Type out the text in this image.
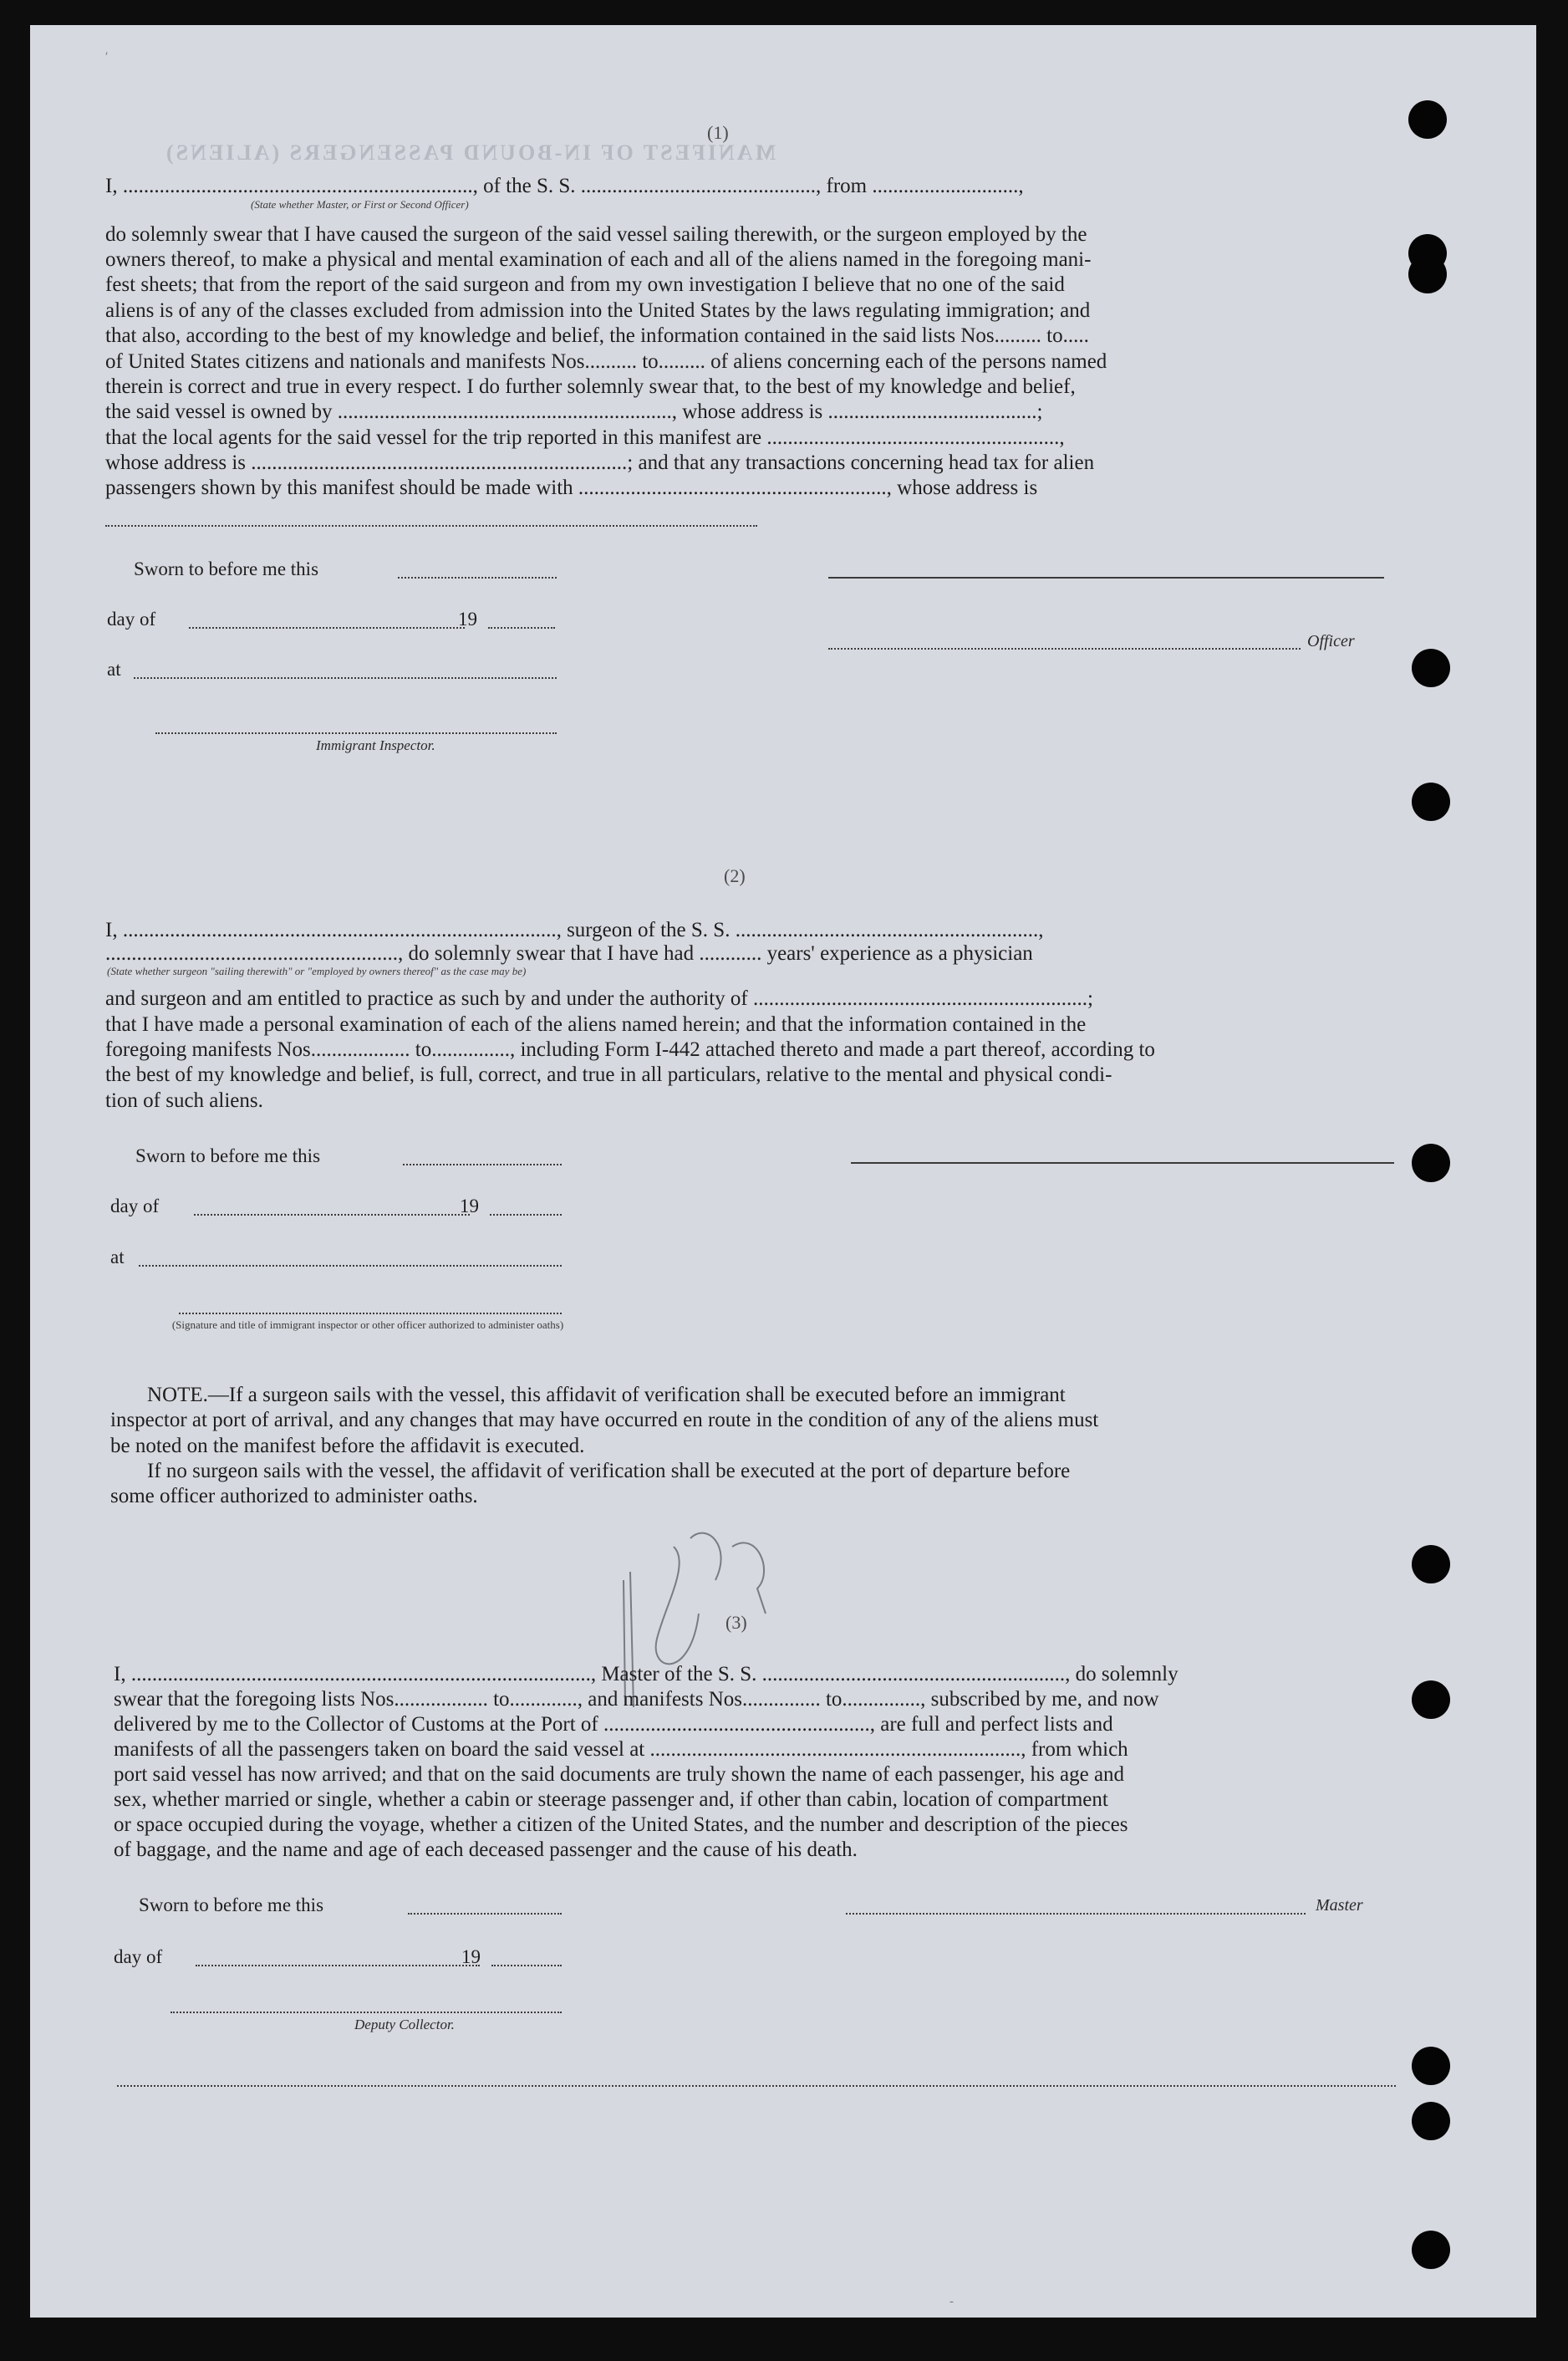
MANIFEST OF IN-BOUND PASSENGERS (ALIENS)
ʹ
(1)

I, ..................................................................., of the S. S. ............................................., from ............................,

(State whether Master, or First or Second Officer)

do solemnly swear that I have caused the surgeon of the said vessel sailing therewith, or the surgeon employed by the

owners thereof, to make a physical and mental examination of each and all of the aliens named in the foregoing mani-

fest sheets; that from the report of the said surgeon and from my own investigation I believe that no one of the said

aliens is of any of the classes excluded from admission into the United States by the laws regulating immigration; and

that also, according to the best of my knowledge and belief, the information contained in the said lists Nos......... to.....

of United States citizens and nationals and manifests Nos.......... to......... of aliens concerning each of the persons named

therein is correct and true in every respect. I do further solemnly swear that, to the best of my knowledge and belief,

the said vessel is owned by ................................................................, whose address is ........................................;

that the local agents for the said vessel for the trip reported in this manifest are ........................................................,

whose address is ........................................................................; and that any transactions concerning head tax for alien

passengers shown by this manifest should be made with ..........................................................., whose address is

Sworn to before me this
day of	19
Officer
at
Immigrant Inspector.
(2)

I, ..................................................................................., surgeon of the S. S. ..........................................................,

........................................................, do solemnly swear that I have had ............ years' experience as a physician

(State whether surgeon "sailing therewith" or "employed by owners thereof" as the case may be)

and surgeon and am entitled to practice as such by and under the authority of ................................................................;

that I have made a personal examination of each of the aliens named herein; and that the information contained in the

foregoing manifests Nos................... to..............., including Form I-442 attached thereto and made a part thereof, according to

the best of my knowledge and belief, is full, correct, and true in all particulars, relative to the mental and physical condi-

tion of such aliens.

Sworn to before me this
day of	19
at
(Signature and title of immigrant inspector or other officer authorized to administer oaths)

NOTE.—If a surgeon sails with the vessel, this affidavit of verification shall be executed before an immigrant

inspector at port of arrival, and any changes that may have occurred en route in the condition of any of the aliens must

be noted on the manifest before the affidavit is executed.

If no surgeon sails with the vessel, the affidavit of verification shall be executed at the port of departure before

some officer authorized to administer oaths.

(3)

I, ........................................................................................, Master of the S. S. .........................................................., do solemnly

swear that the foregoing lists Nos.................. to............., and manifests Nos............... to..............., subscribed by me, and now

delivered by me to the Collector of Customs at the Port of ..................................................., are full and perfect lists and

manifests of all the passengers taken on board the said vessel at ......................................................................., from which

port said vessel has now arrived; and that on the said documents are truly shown the name of each passenger, his age and

sex, whether married or single, whether a cabin or steerage passenger and, if other than cabin, location of compartment

or space occupied during the voyage, whether a citizen of the United States, and the number and description of the pieces

of baggage, and the name and age of each deceased passenger and the cause of his death.

Sworn to before me this	Master
day of	19
Deputy Collector.
-
